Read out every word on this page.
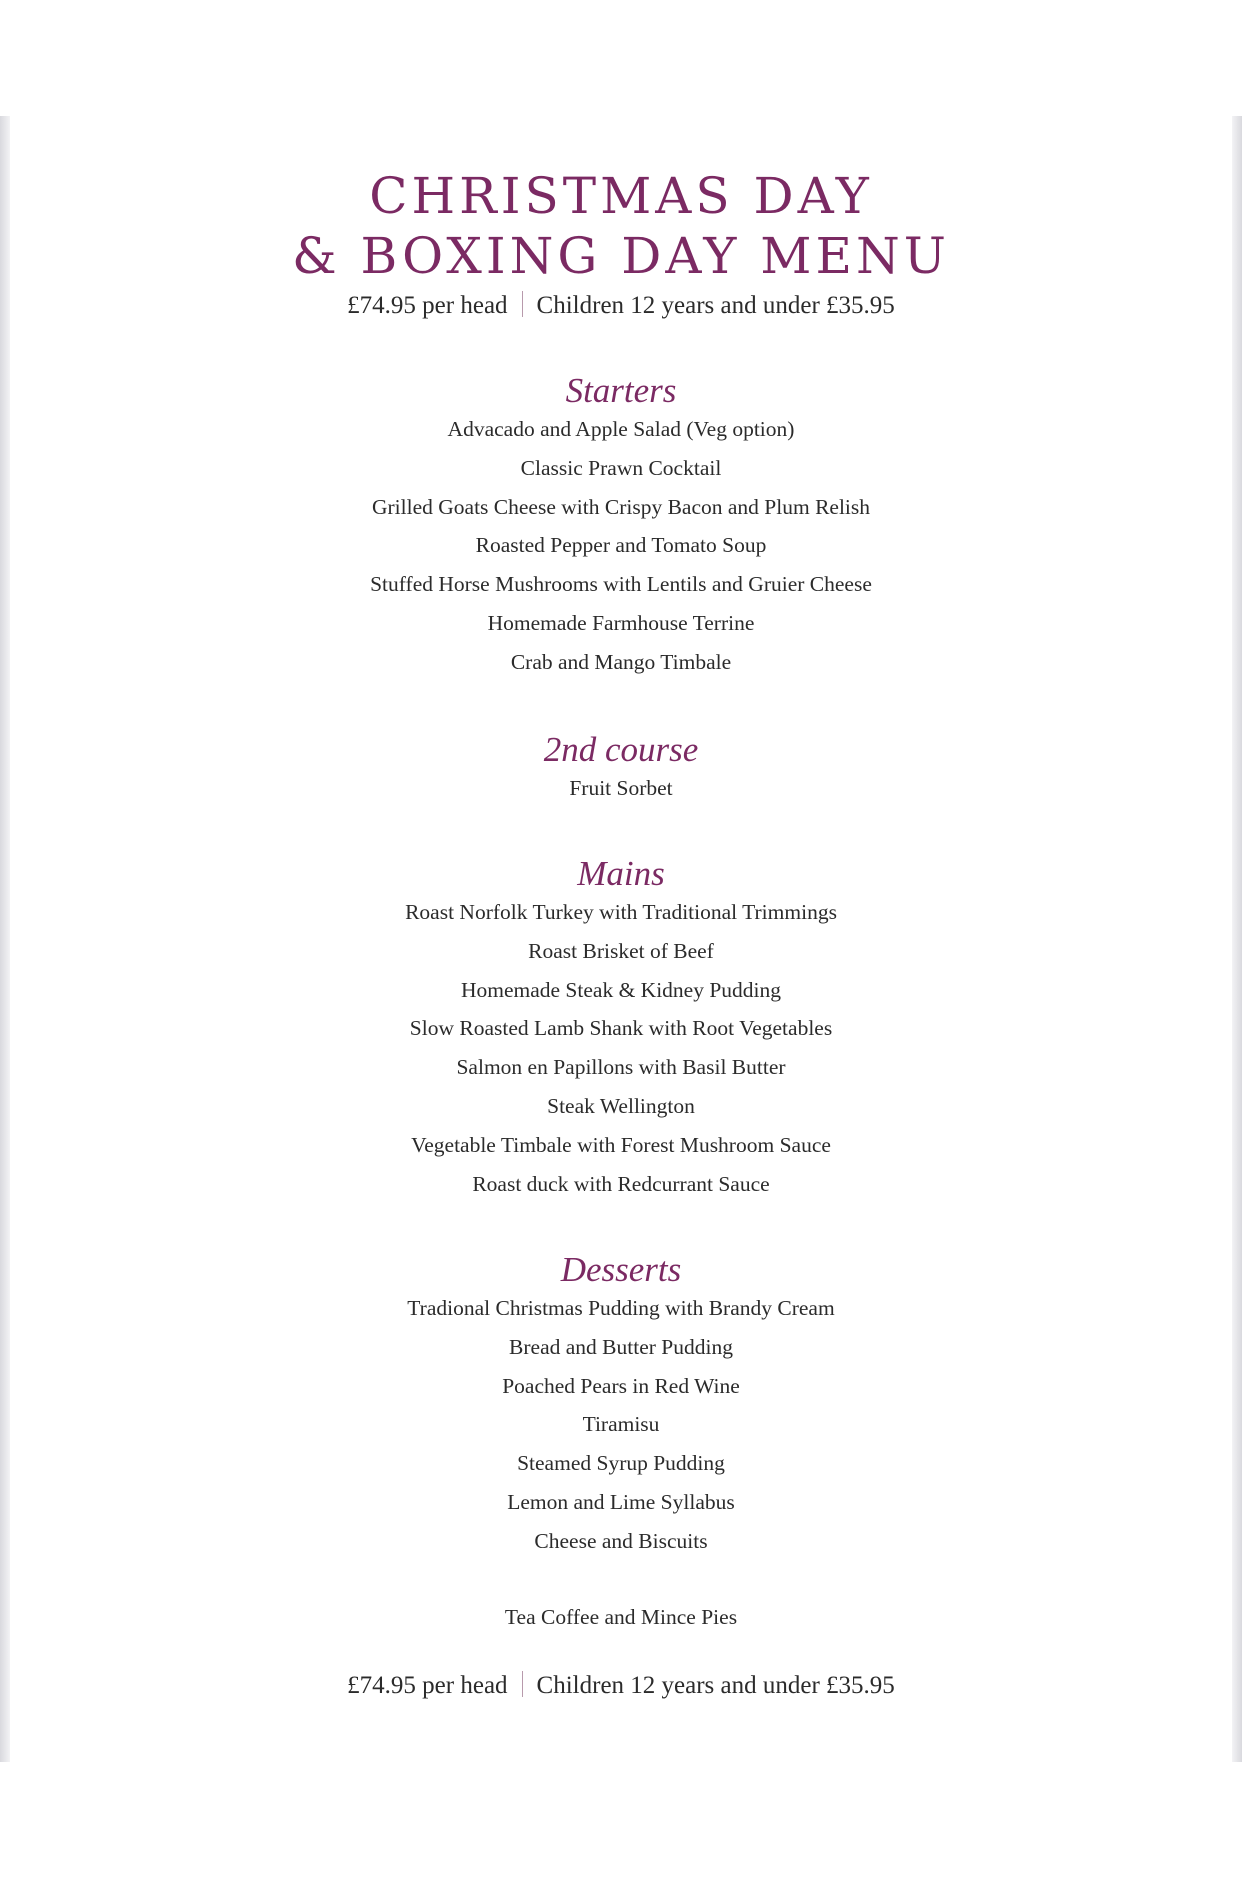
CHRISTMAS DAY
& BOXING DAY MENU
£74.95 per head Children 12 years and under £35.95
Starters
Advacado and Apple Salad (Veg option)
Classic Prawn Cocktail
Grilled Goats Cheese with Crispy Bacon and Plum Relish
Roasted Pepper and Tomato Soup
Stuffed Horse Mushrooms with Lentils and Gruier Cheese
Homemade Farmhouse Terrine
Crab and Mango Timbale
2nd course
Fruit Sorbet
Mains
Roast Norfolk Turkey with Traditional Trimmings
Roast Brisket of Beef
Homemade Steak & Kidney Pudding
Slow Roasted Lamb Shank with Root Vegetables
Salmon en Papillons with Basil Butter
Steak Wellington
Vegetable Timbale with Forest Mushroom Sauce
Roast duck with Redcurrant Sauce
Desserts
Tradional Christmas Pudding with Brandy Cream
Bread and Butter Pudding
Poached Pears in Red Wine
Tiramisu
Steamed Syrup Pudding
Lemon and Lime Syllabus
Cheese and Biscuits
Tea Coffee and Mince Pies
£74.95 per head Children 12 years and under £35.95
